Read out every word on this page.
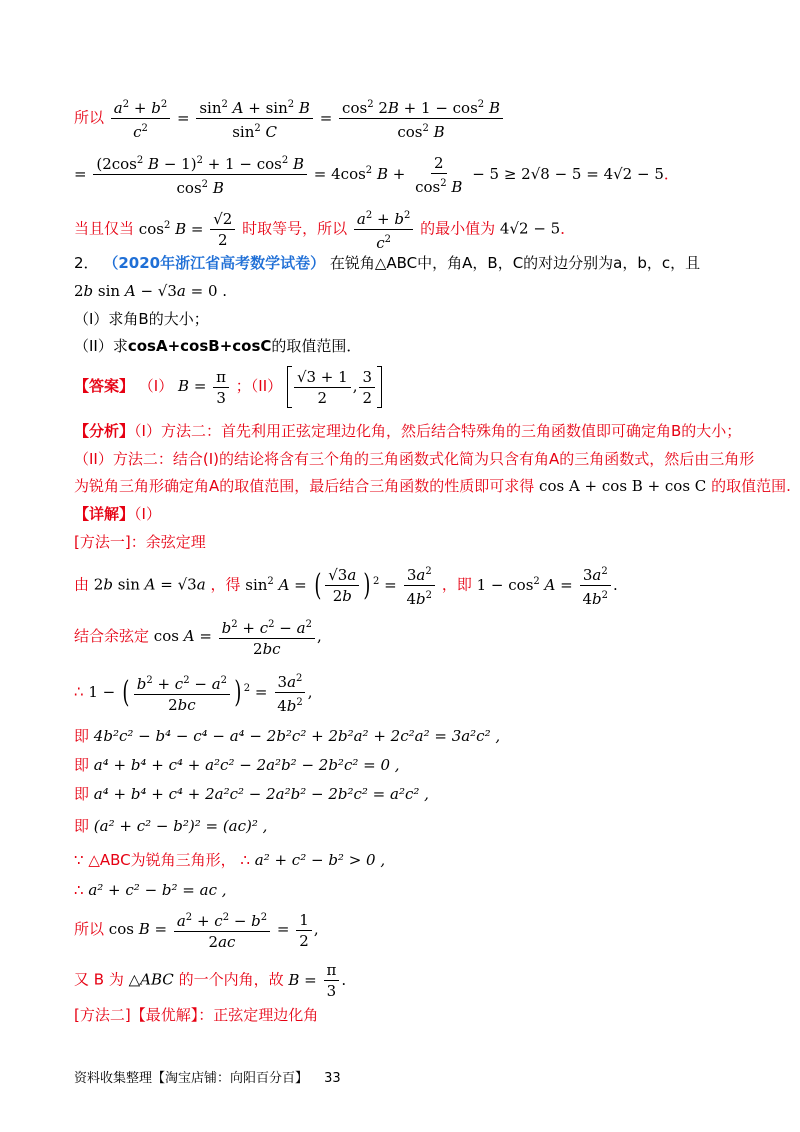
所以 $\frac{a^2 + b^2}{c^2} = \frac{\sin^2 A + \sin^2 B}{\sin^2 C} = \frac{\cos^2 2B + 1 - \cos^2 B}{\cos^2 B}$
= $\frac{(2\cos^2 B - 1)^2 + 1 - \cos^2 B}{\cos^2 B} = 4\cos^2$ $B + \frac{2}{\cos^2 B} - 5 \ge 2√8 - 5 = 4√2 - 5$．
当且仅当 $\cos^2 B = \frac{√2}{2}$ 时取等号，所以 $\frac{a^2 + b^2}{c^2}$ 的最小值为 4√2 − 5．
2． （2020年浙江省高考数学试卷） 在锐角△ABC中，角A，B，C的对边分别为a，b，c，且
2b sin A − √3a = 0 .
（I）求角B的大小；
（II）求cosA+cosB+cosC的取值范围．
【答案】 （I） $B = \frac{\pi}{3}$ ；$(II) \frac{√3 + 1}{2}$ , $\frac{3}{2}$
【分析】（I）方法二：首先利用正弦定理边化角，然后结合特殊角的三角函数值即可确定角B的大小；
（II）方法二：结合(Ⅰ)的结论将含有三个角的三角函数式化简为只含有角A的三角函数式，然后由三角形
为锐角三角形确定角A的取值范围，最后结合三角函数的性质即可求得 cos A + cos B + cos C 的取值范围.
【详解】（I）
[方法一]：余弦定理
由 2b sin A = √3a ，得 $\sin^2 A$ = ( $\frac{√3a}{2b}$ ) $^2 = \frac{3a^2}{4b^2}$ ，即 $1 - \cos^2 A = \frac{3a^2}{4b^2}$ .
结合余弦定 $\cos A = \frac{b^2 + c^2 - a^2}{2bc}$ ,
∴ 1 − ( $\frac{b^2 + c^2 - a^2}{2bc}$ ) $^2 = \frac{3a^2}{4b^2}$ ,
即 4b²c² − b⁴ − c⁴ − a⁴ − 2b²c² + 2b²a² + 2c²a² = 3a²c² ,
即 a⁴ + b⁴ + c⁴ + a²c² − 2a²b² − 2b²c² = 0 ,
即 a⁴ + b⁴ + c⁴ + 2a²c² − 2a²b² − 2b²c² = a²c² ,
即 (a² + c² − b²)² = (ac)² ,
∵ △ABC为锐角三角形， ∴ a² + c² − b² > 0 ,
∴ a² + c² − b² = ac ,
所以 $\cos B = \frac{a^2 + c^2 - b^2}{2ac} = \frac{1}{2}$ ,
又 B 为 △ABC 的一个内角，故 $B = \frac{\pi}{3}$ .
[方法二]【最优解】：正弦定理边化角
资料收集整理【淘宝店铺：向阳百分百】 33
